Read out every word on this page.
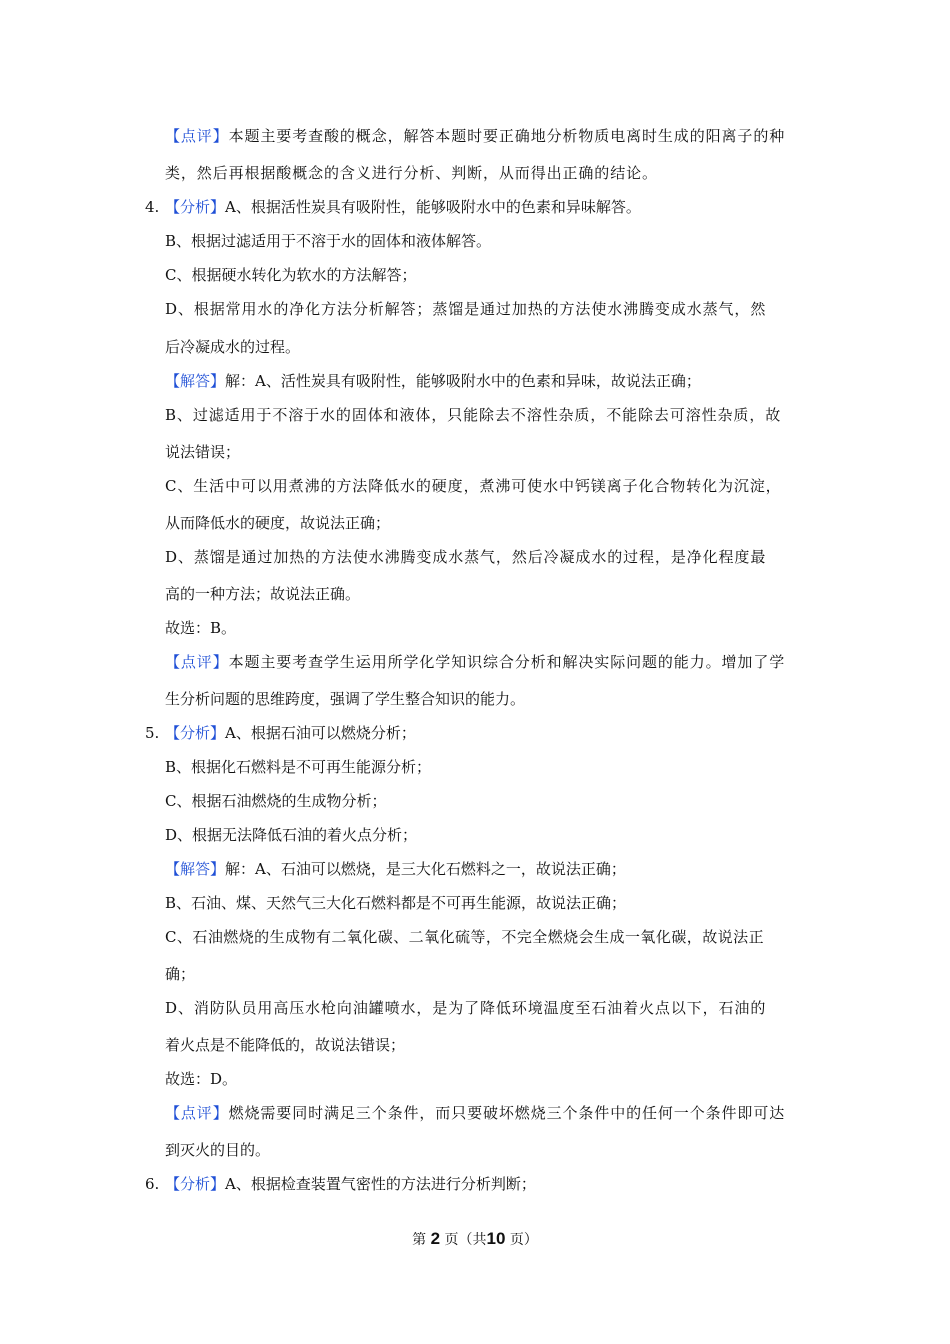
【点评】本题主要考查酸的概念，解答本题时要正确地分析物质电离时生成的阳离子的种
类，然后再根据酸概念的含义进行分析、判断，从而得出正确的结论。
4. 【分析】A、根据活性炭具有吸附性，能够吸附水中的色素和异味解答。
B、根据过滤适用于不溶于水的固体和液体解答。
C、根据硬水转化为软水的方法解答；
D、根据常用水的净化方法分析解答；蒸馏是通过加热的方法使水沸腾变成水蒸气，然
后冷凝成水的过程。
【解答】解：A、活性炭具有吸附性，能够吸附水中的色素和异味，故说法正确；
B、过滤适用于不溶于水的固体和液体，只能除去不溶性杂质，不能除去可溶性杂质，故
说法错误；
C、生活中可以用煮沸的方法降低水的硬度，煮沸可使水中钙镁离子化合物转化为沉淀，
从而降低水的硬度，故说法正确；
D、蒸馏是通过加热的方法使水沸腾变成水蒸气，然后冷凝成水的过程，是净化程度最
高的一种方法；故说法正确。
故选：B。
【点评】本题主要考查学生运用所学化学知识综合分析和解决实际问题的能力。增加了学
生分析问题的思维跨度，强调了学生整合知识的能力。
5. 【分析】A、根据石油可以燃烧分析；
B、根据化石燃料是不可再生能源分析；
C、根据石油燃烧的生成物分析；
D、根据无法降低石油的着火点分析；
【解答】解：A、石油可以燃烧，是三大化石燃料之一，故说法正确；
B、石油、煤、天然气三大化石燃料都是不可再生能源，故说法正确；
C、石油燃烧的生成物有二氧化碳、二氧化硫等，不完全燃烧会生成一氧化碳，故说法正
确；
D、消防队员用高压水枪向油罐喷水，是为了降低环境温度至石油着火点以下，石油的
着火点是不能降低的，故说法错误；
故选：D。
【点评】燃烧需要同时满足三个条件，而只要破坏燃烧三个条件中的任何一个条件即可达
到灭火的目的。
6. 【分析】A、根据检查装置气密性的方法进行分析判断；
第 2 页（共10 页）
